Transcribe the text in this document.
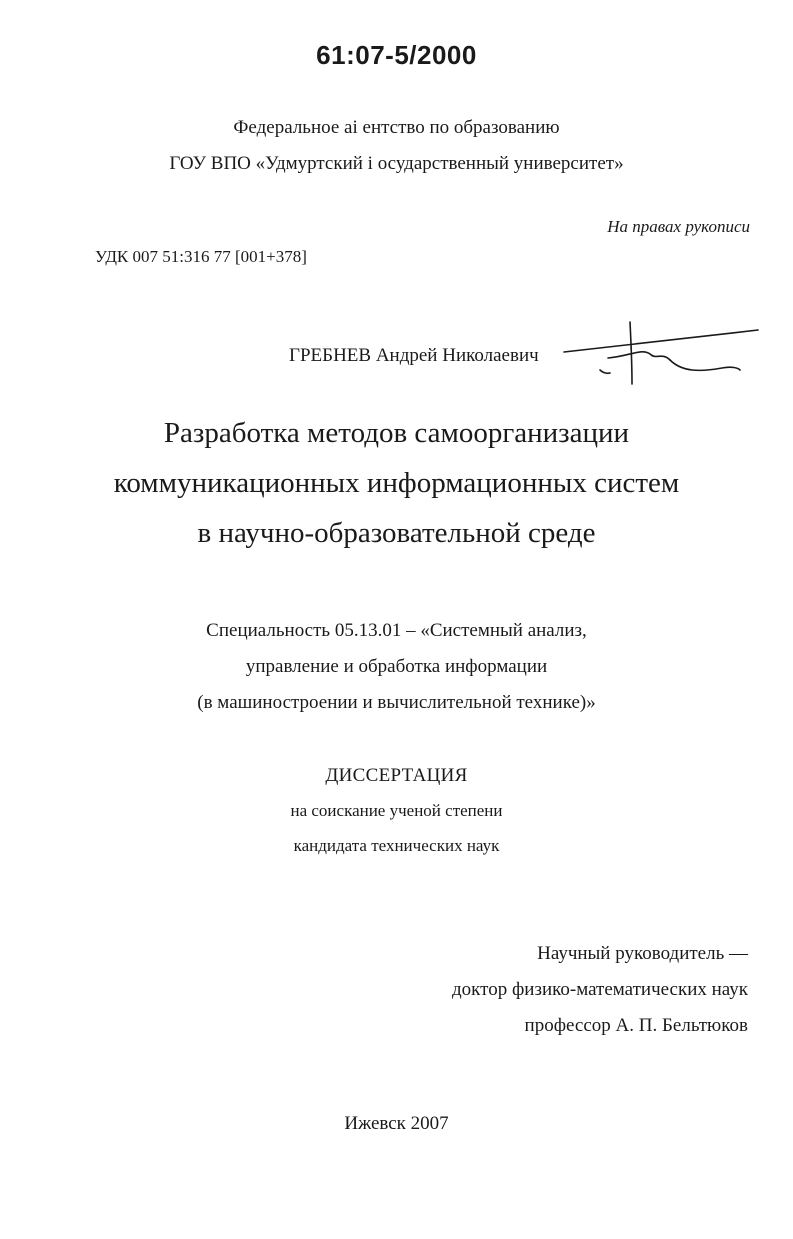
61:07-5/2000
Федеральное аі ентство по образованию
ГОУ ВПО «Удмуртский і осударственный университет»
На правах рукописи
УДК 007 51:316 77 [001+378]
ГРЕБНЕВ Андрей Николаевич
Разработка методов самоорганизации
коммуникационных информационных систем
в научно-образовательной среде
Специальность 05.13.01 – «Системный анализ,
управление и обработка информации
(в машиностроении и вычислительной технике)»
ДИССЕРТАЦИЯ
на соискание ученой степени
кандидата технических наук
Научный руководитель —
доктор физико-математических наук
профессор А. П. Бельтюков
Ижевск 2007
